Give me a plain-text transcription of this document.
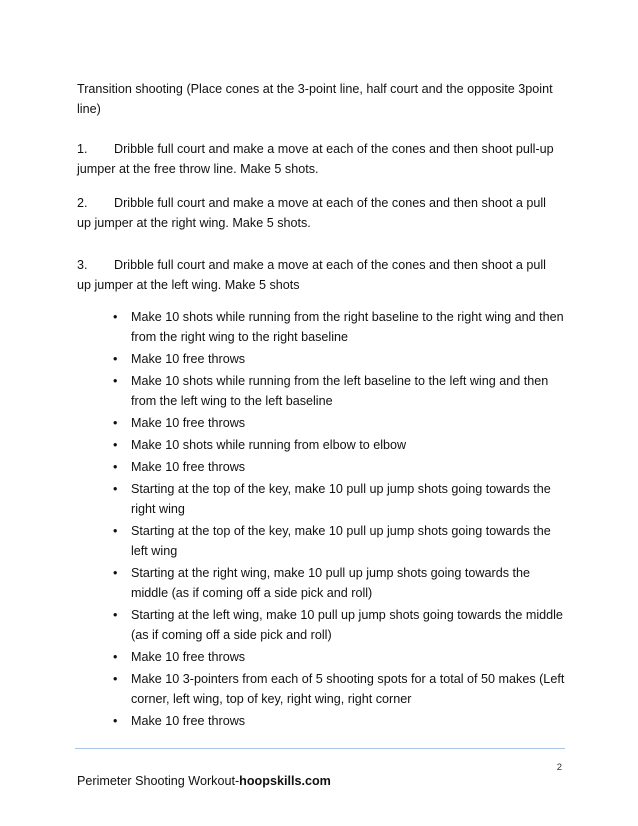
Transition shooting (Place cones at the 3-point line, half court and the opposite 3point line)

1. Dribble full court and make a move at each of the cones and then shoot pull-up jumper at the free throw line. Make 5 shots.

2. Dribble full court and make a move at each of the cones and then shoot a pull up jumper at the right wing. Make 5 shots.

3. Dribble full court and make a move at each of the cones and then shoot a pull up jumper at the left wing. Make 5 shots

• Make 10 shots while running from the right baseline to the right wing and then from the right wing to the right baseline
• Make 10 free throws
• Make 10 shots while running from the left baseline to the left wing and then from the left wing to the left baseline
• Make 10 free throws
• Make 10 shots while running from elbow to elbow
• Make 10 free throws
• Starting at the top of the key, make 10 pull up jump shots going towards the right wing
• Starting at the top of the key, make 10 pull up jump shots going towards the left wing
• Starting at the right wing, make 10 pull up jump shots going towards the middle (as if coming off a side pick and roll)
• Starting at the left wing, make 10 pull up jump shots going towards the middle (as if coming off a side pick and roll)
• Make 10 free throws
• Make 10 3-pointers from each of 5 shooting spots for a total of 50 makes (Left corner, left wing, top of key, right wing, right corner
• Make 10 free throws
2
Perimeter Shooting Workout-hoopskills.com
